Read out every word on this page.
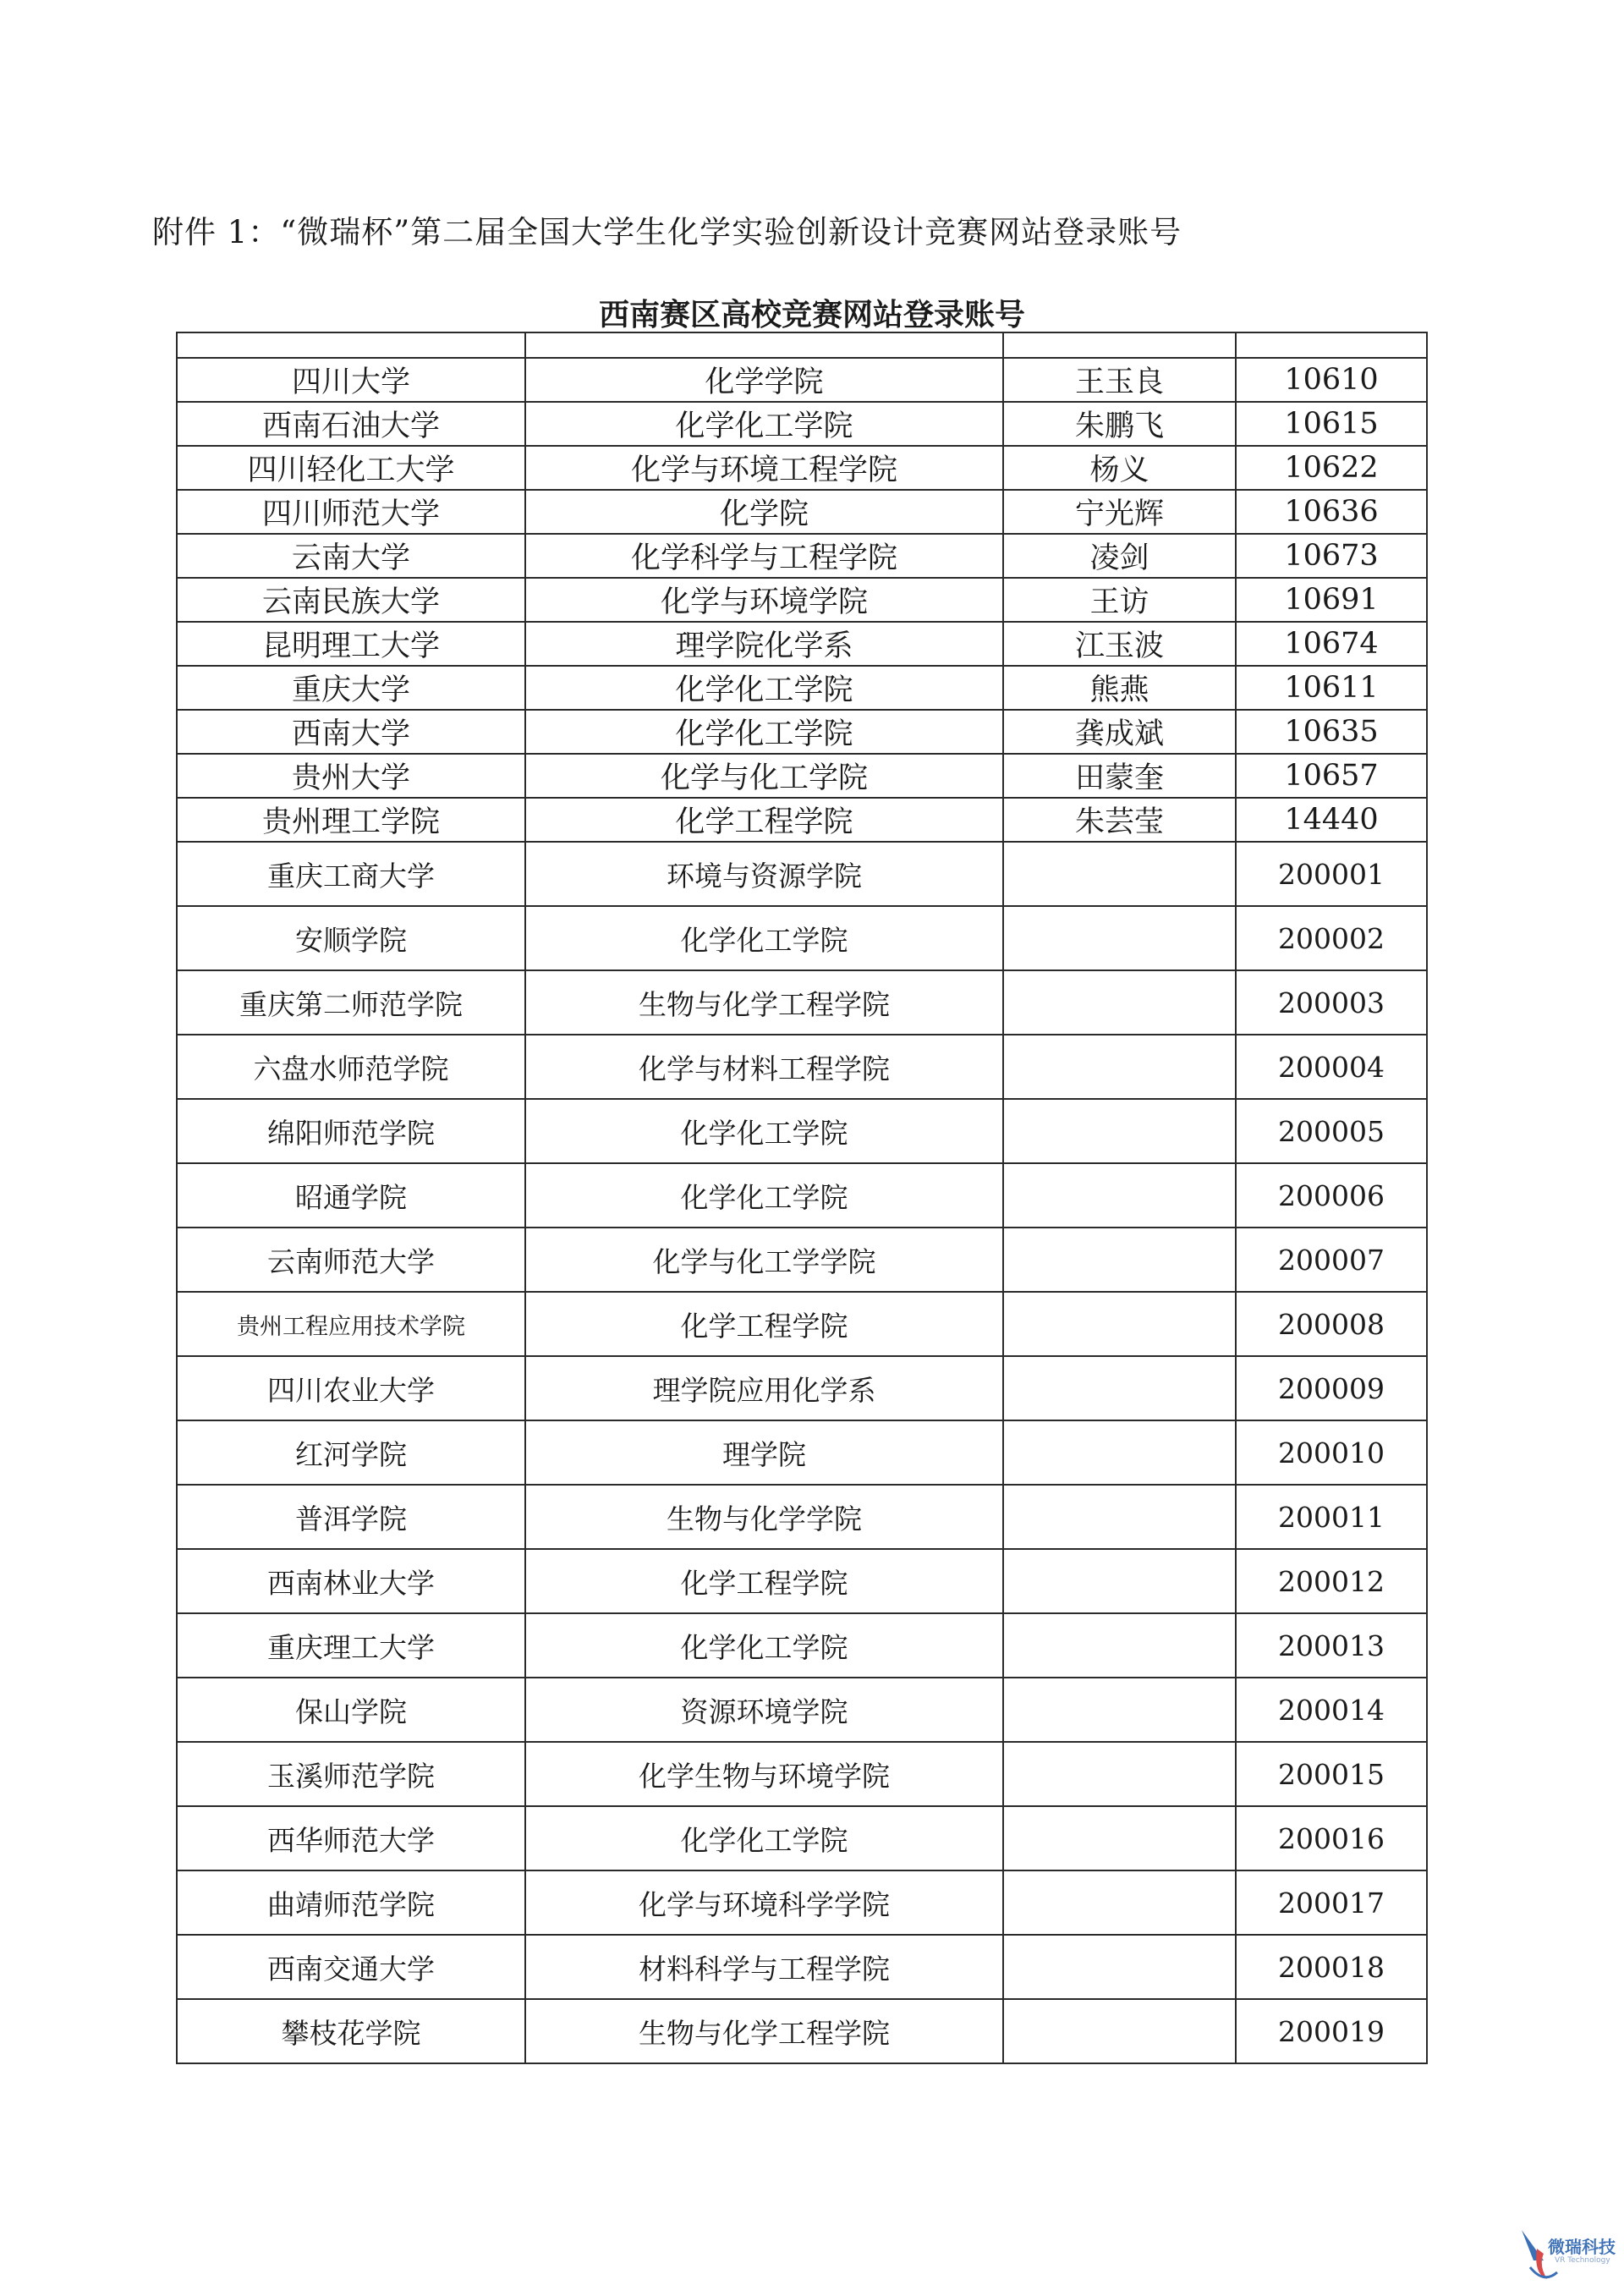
附件 1：“微瑞杯”第二届全国大学生化学实验创新设计竞赛网站登录账号
西南赛区高校竞赛网站登录账号

四川大学	化学学院	王玉良	10610
西南石油大学	化学化工学院	朱鹏飞	10615
四川轻化工大学	化学与环境工程学院	杨义	10622
四川师范大学	化学院	宁光辉	10636
云南大学	化学科学与工程学院	凌剑	10673
云南民族大学	化学与环境学院	王访	10691
昆明理工大学	理学院化学系	江玉波	10674
重庆大学	化学化工学院	熊燕	10611
西南大学	化学化工学院	龚成斌	10635
贵州大学	化学与化工学院	田蒙奎	10657
贵州理工学院	化学工程学院	朱芸莹	14440
重庆工商大学	环境与资源学院		200001
安顺学院	化学化工学院		200002
重庆第二师范学院	生物与化学工程学院		200003
六盘水师范学院	化学与材料工程学院		200004
绵阳师范学院	化学化工学院		200005
昭通学院	化学化工学院		200006
云南师范大学	化学与化工学学院		200007
贵州工程应用技术学院	化学工程学院		200008
四川农业大学	理学院应用化学系		200009
红河学院	理学院		200010
普洱学院	生物与化学学院		200011
西南林业大学	化学工程学院		200012
重庆理工大学	化学化工学院		200013
保山学院	资源环境学院		200014
玉溪师范学院	化学生物与环境学院		200015
西华师范大学	化学化工学院		200016
曲靖师范学院	化学与环境科学学院		200017
西南交通大学	材料科学与工程学院		200018
攀枝花学院	生物与化学工程学院		200019
微瑞科技
VR Technology
